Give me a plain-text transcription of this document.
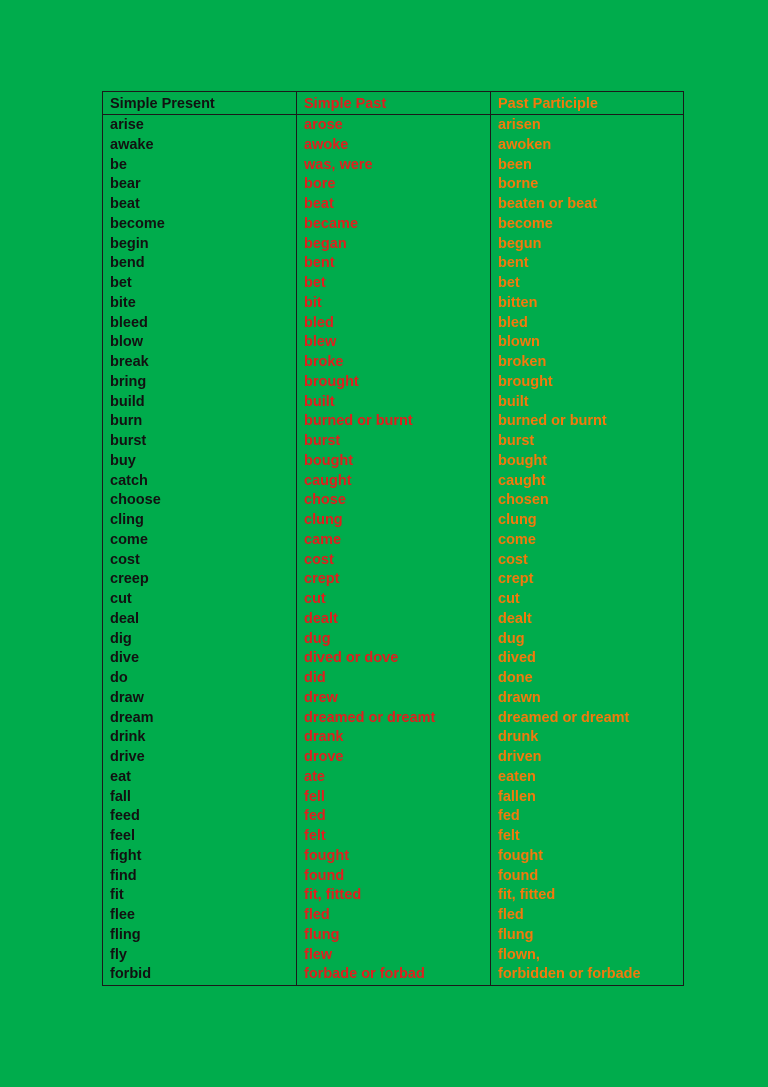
Simple Present	Simple Past	Past Participle
arise
awake
be
bear
beat
become
begin
bend
bet
bite
bleed
blow
break
bring
build
burn
burst
buy
catch
choose
cling
come
cost
creep
cut
deal
dig
dive
do
draw
dream
drink
drive
eat
fall
feed
feel
fight
find
fit
flee
fling
fly
forbid
arose
awoke
was, were
bore
beat
became
began
bent
bet
bit
bled
blew
broke
brought
built
burned or burnt
burst
bought
caught
chose
clung
came
cost
crept
cut
dealt
dug
dived or dove
did
drew
dreamed or dreamt
drank
drove
ate
fell
fed
felt
fought
found
fit, fitted
fled
flung
flew
forbade or forbad
arisen
awoken
been
borne
beaten or beat
become
begun
bent
bet
bitten
bled
blown
broken
brought
built
burned or burnt
burst
bought
caught
chosen
clung
come
cost
crept
cut
dealt
dug
dived
done
drawn
dreamed or dreamt
drunk
driven
eaten
fallen
fed
felt
fought
found
fit, fitted
fled
flung
flown,
forbidden or forbade
